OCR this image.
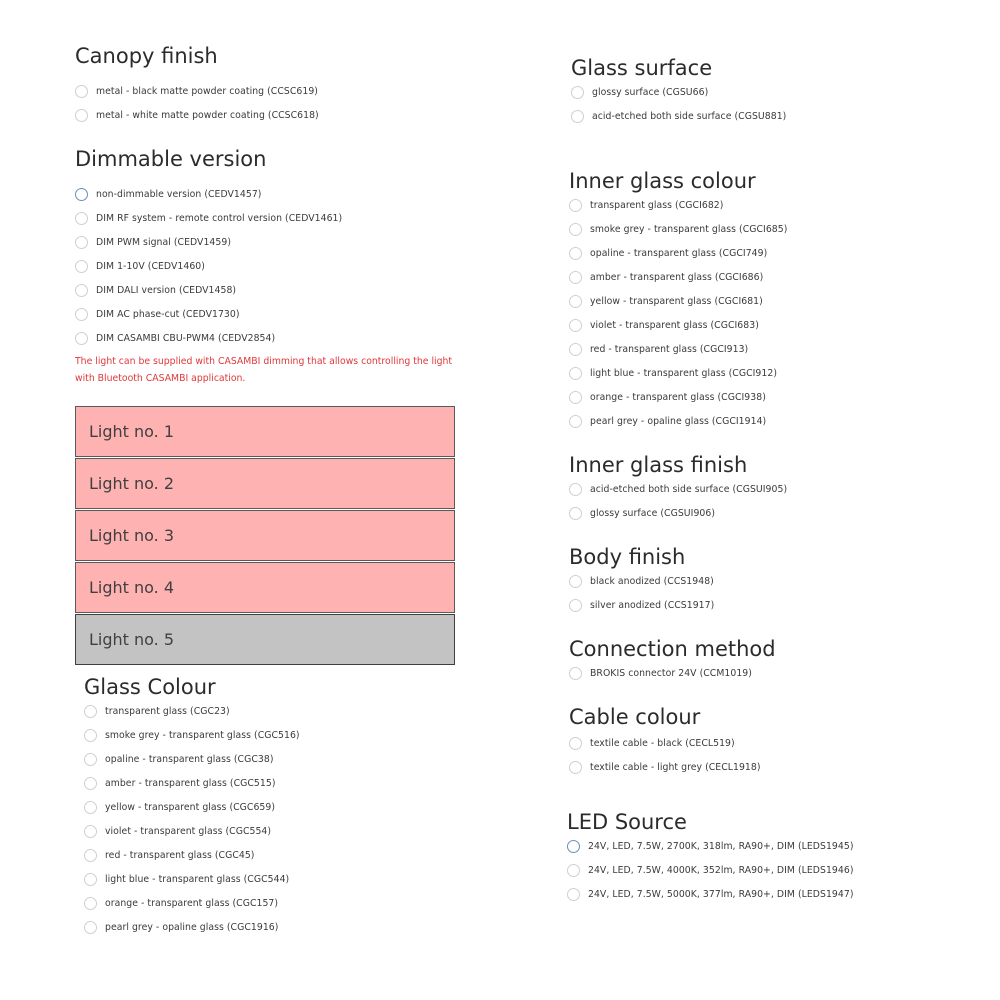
Canopy finish
metal - black matte powder coating (CCSC619)
metal - white matte powder coating (CCSC618)
Dimmable version
non-dimmable version (CEDV1457)
DIM RF system - remote control version (CEDV1461)
DIM PWM signal (CEDV1459)
DIM 1-10V (CEDV1460)
DIM DALI version (CEDV1458)
DIM AC phase-cut (CEDV1730)
DIM CASAMBI CBU-PWM4 (CEDV2854)
The light can be supplied with CASAMBI dimming that allows controlling the light with Bluetooth CASAMBI application.
Light no. 1
Light no. 2
Light no. 3
Light no. 4
Light no. 5
Glass Colour
transparent glass (CGC23)
smoke grey - transparent glass (CGC516)
opaline - transparent glass (CGC38)
amber - transparent glass (CGC515)
yellow - transparent glass (CGC659)
violet - transparent glass (CGC554)
red - transparent glass (CGC45)
light blue - transparent glass (CGC544)
orange - transparent glass (CGC157)
pearl grey - opaline glass (CGC1916)
Glass surface
glossy surface (CGSU66)
acid-etched both side surface (CGSU881)
Inner glass colour
transparent glass (CGCI682)
smoke grey - transparent glass (CGCI685)
opaline - transparent glass (CGCI749)
amber - transparent glass (CGCI686)
yellow - transparent glass (CGCI681)
violet - transparent glass (CGCI683)
red - transparent glass (CGCI913)
light blue - transparent glass (CGCI912)
orange - transparent glass (CGCI938)
pearl grey - opaline glass (CGCI1914)
Inner glass finish
acid-etched both side surface (CGSUI905)
glossy surface (CGSUI906)
Body finish
black anodized (CCS1948)
silver anodized (CCS1917)
Connection method
BROKIS connector 24V (CCM1019)
Cable colour
textile cable - black (CECL519)
textile cable - light grey (CECL1918)
LED Source
24V, LED, 7.5W, 2700K, 318lm, RA90+, DIM (LEDS1945)
24V, LED, 7.5W, 4000K, 352lm, RA90+, DIM (LEDS1946)
24V, LED, 7.5W, 5000K, 377lm, RA90+, DIM (LEDS1947)
